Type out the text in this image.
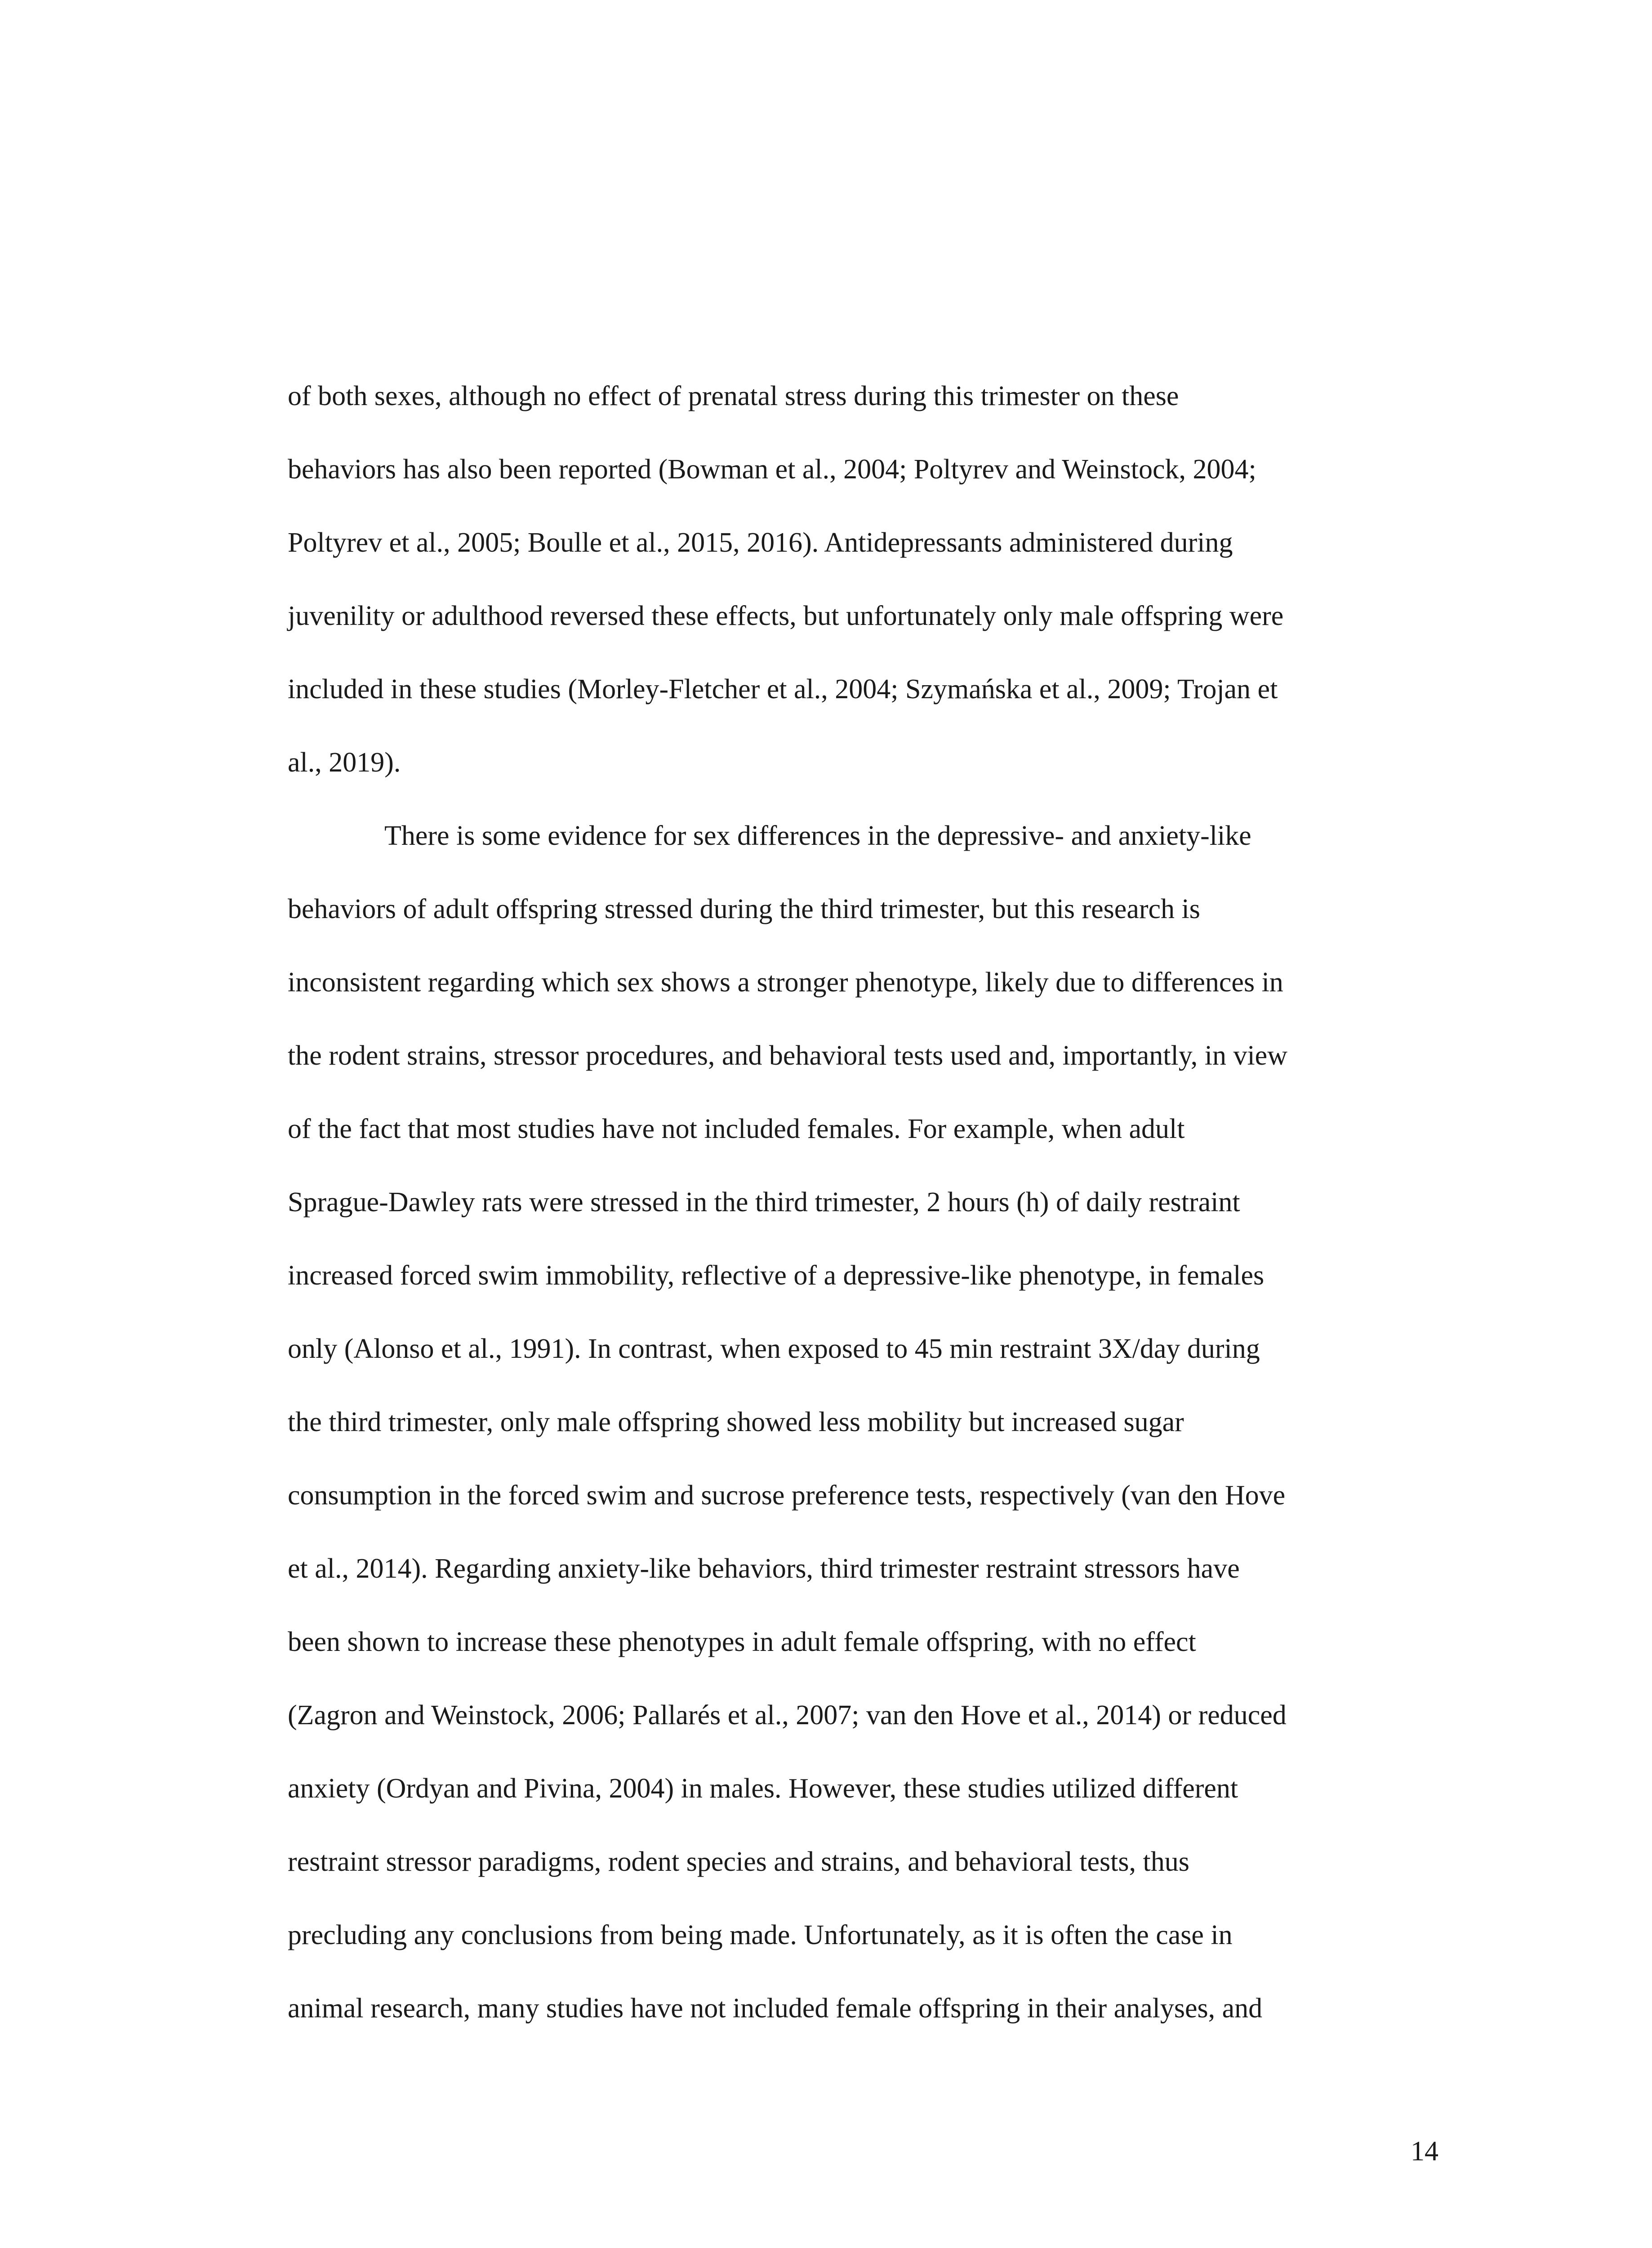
of both sexes, although no effect of prenatal stress during this trimester on these
behaviors has also been reported (Bowman et al., 2004; Poltyrev and Weinstock, 2004;
Poltyrev et al., 2005; Boulle et al., 2015, 2016). Antidepressants administered during
juvenility or adulthood reversed these effects, but unfortunately only male offspring were
included in these studies (Morley-Fletcher et al., 2004; Szymańska et al., 2009; Trojan et
al., 2019).
There is some evidence for sex differences in the depressive- and anxiety-like
behaviors of adult offspring stressed during the third trimester, but this research is
inconsistent regarding which sex shows a stronger phenotype, likely due to differences in
the rodent strains, stressor procedures, and behavioral tests used and, importantly, in view
of the fact that most studies have not included females. For example, when adult
Sprague-Dawley rats were stressed in the third trimester, 2 hours (h) of daily restraint
increased forced swim immobility, reflective of a depressive-like phenotype, in females
only (Alonso et al., 1991). In contrast, when exposed to 45 min restraint 3X/day during
the third trimester, only male offspring showed less mobility but increased sugar
consumption in the forced swim and sucrose preference tests, respectively (van den Hove
et al., 2014). Regarding anxiety-like behaviors, third trimester restraint stressors have
been shown to increase these phenotypes in adult female offspring, with no effect
(Zagron and Weinstock, 2006; Pallarés et al., 2007; van den Hove et al., 2014) or reduced
anxiety (Ordyan and Pivina, 2004) in males. However, these studies utilized different
restraint stressor paradigms, rodent species and strains, and behavioral tests, thus
precluding any conclusions from being made. Unfortunately, as it is often the case in
animal research, many studies have not included female offspring in their analyses, and
14
